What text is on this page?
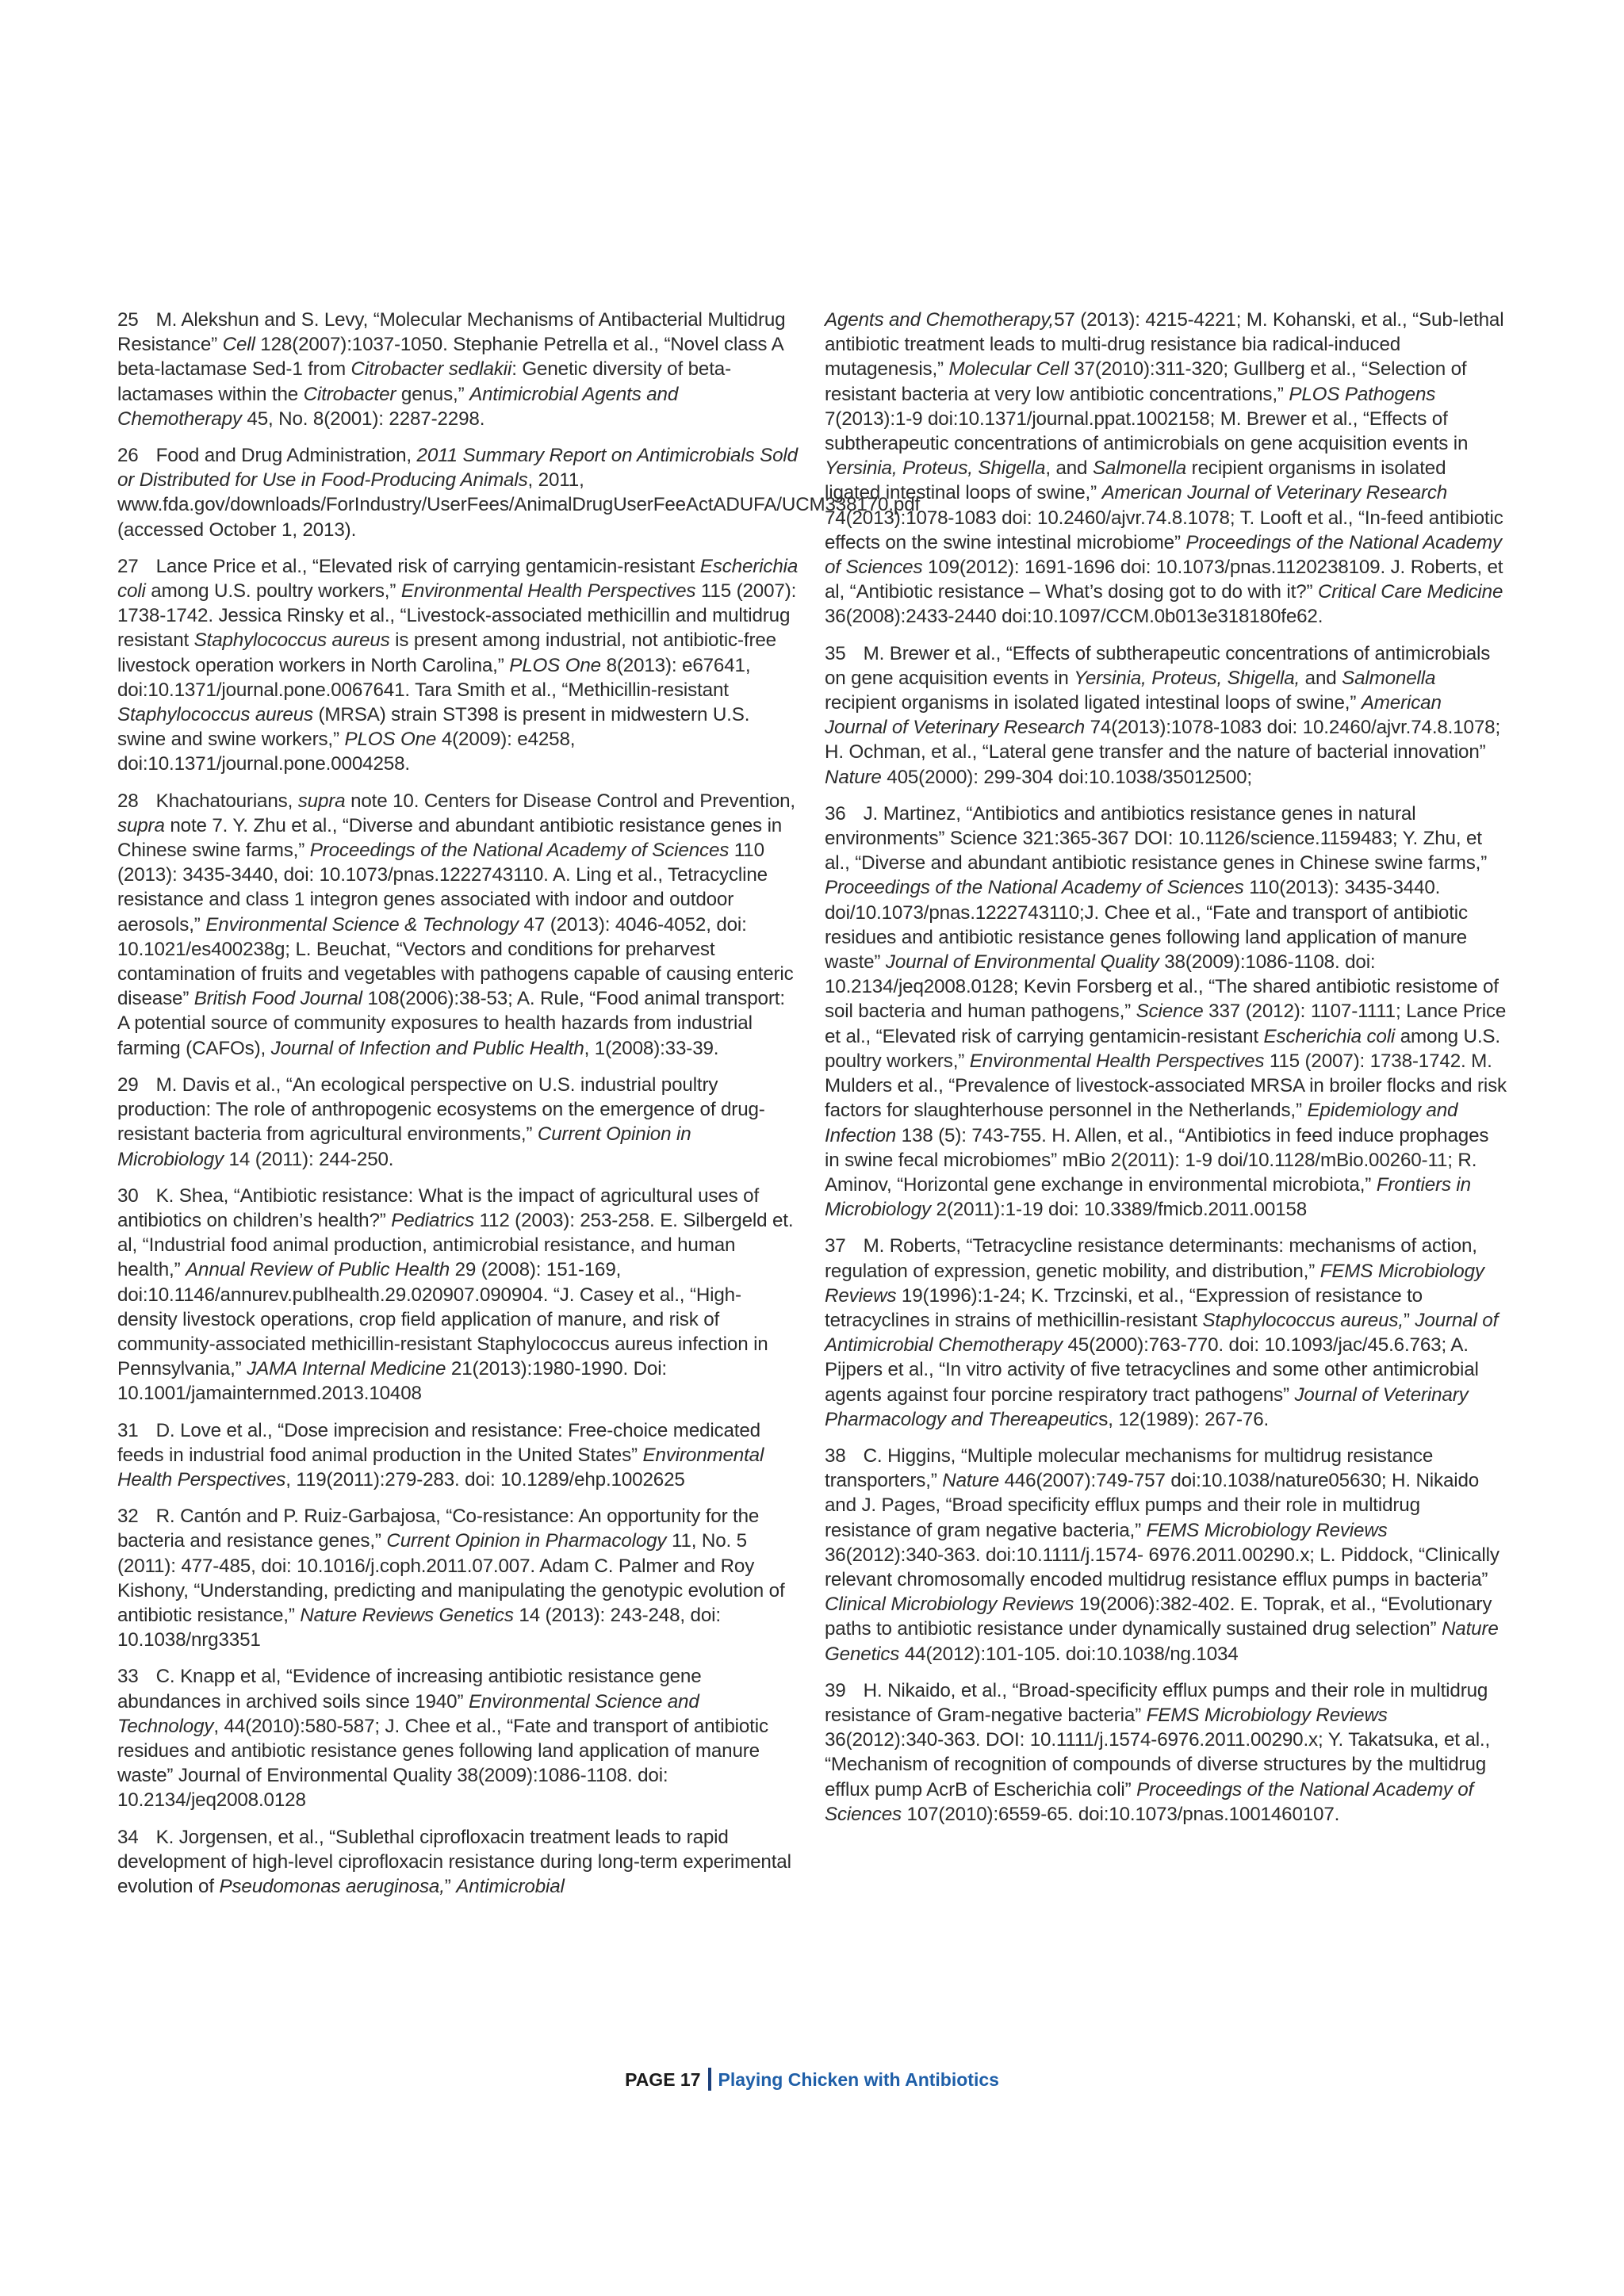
25 M. Alekshun and S. Levy, “Molecular Mechanisms of Antibacterial Multidrug Resistance” Cell 128(2007):1037-1050. Stephanie Petrella et al., “Novel class A beta-lactamase Sed-1 from Citrobacter sedlakii: Genetic diversity of beta-lactamases within the Citrobacter genus,” Antimicrobial Agents and Chemotherapy 45, No. 8(2001): 2287-2298.

26 Food and Drug Administration, 2011 Summary Report on Antimicrobials Sold or Distributed for Use in Food-Producing Animals, 2011, www.fda.gov/downloads/ForIndustry/UserFees/AnimalDrugUserFeeActADUFA/UCM338170.pdf (accessed October 1, 2013).

27 Lance Price et al., “Elevated risk of carrying gentamicin-resistant Escherichia coli among U.S. poultry workers,” Environmental Health Perspectives 115 (2007): 1738-1742. Jessica Rinsky et al., “Livestock-associated methicillin and multidrug resistant Staphylococcus aureus is present among industrial, not antibiotic-free livestock operation workers in North Carolina,” PLOS One 8(2013): e67641, doi:10.1371/journal.pone.0067641. Tara Smith et al., “Methicillin-resistant Staphylococcus aureus (MRSA) strain ST398 is present in midwestern U.S. swine and swine workers,” PLOS One 4(2009): e4258, doi:10.1371/journal.pone.0004258.

28 Khachatourians, supra note 10. Centers for Disease Control and Prevention, supra note 7. Y. Zhu et al., “Diverse and abundant antibiotic resistance genes in Chinese swine farms,” Proceedings of the National Academy of Sciences 110 (2013): 3435-3440, doi: 10.1073/pnas.1222743110. A. Ling et al., Tetracycline resistance and class 1 integron genes associated with indoor and outdoor aerosols,” Environmental Science & Technology 47 (2013): 4046-4052, doi: 10.1021/es400238g; L. Beuchat, “Vectors and conditions for preharvest contamination of fruits and vegetables with pathogens capable of causing enteric disease” British Food Journal 108(2006):38-53; A. Rule, “Food animal transport: A potential source of community exposures to health hazards from industrial farming (CAFOs), Journal of Infection and Public Health, 1(2008):33-39.

29 M. Davis et al., “An ecological perspective on U.S. industrial poultry production: The role of anthropogenic ecosystems on the emergence of drug-resistant bacteria from agricultural environments,” Current Opinion in Microbiology 14 (2011): 244-250.

30 K. Shea, “Antibiotic resistance: What is the impact of agricultural uses of antibiotics on children’s health?” Pediatrics 112 (2003): 253-258. E. Silbergeld et. al, “Industrial food animal production, antimicrobial resistance, and human health,” Annual Review of Public Health 29 (2008): 151-169, doi:10.1146/annurev.publhealth.29.020907.090904. “J. Casey et al., “High-density livestock operations, crop field application of manure, and risk of community-associated methicillin-resistant Staphylococcus aureus infection in Pennsylvania,” JAMA Internal Medicine 21(2013):1980-1990. Doi: 10.1001/jamainternmed.2013.10408

31 D. Love et al., “Dose imprecision and resistance: Free-choice medicated feeds in industrial food animal production in the United States” Environmental Health Perspectives, 119(2011):279-283. doi: 10.1289/ehp.1002625

32 R. Cantón and P. Ruiz-Garbajosa, “Co-resistance: An opportunity for the bacteria and resistance genes,” Current Opinion in Pharmacology 11, No. 5 (2011): 477-485, doi: 10.1016/j.coph.2011.07.007. Adam C. Palmer and Roy Kishony, “Understanding, predicting and manipulating the genotypic evolution of antibiotic resistance,” Nature Reviews Genetics 14 (2013): 243-248, doi: 10.1038/nrg3351

33 C. Knapp et al, “Evidence of increasing antibiotic resistance gene abundances in archived soils since 1940” Environmental Science and Technology, 44(2010):580-587; J. Chee et al., “Fate and transport of antibiotic residues and antibiotic resistance genes following land application of manure waste” Journal of Environmental Quality 38(2009):1086-1108. doi: 10.2134/jeq2008.0128

34 K. Jorgensen, et al., “Sublethal ciprofloxacin treatment leads to rapid development of high-level ciprofloxacin resistance during long-term experimental evolution of Pseudomonas aeruginosa,” Antimicrobial

Agents and Chemotherapy,57 (2013): 4215-4221; M. Kohanski, et al., “Sub-lethal antibiotic treatment leads to multi-drug resistance bia radical-induced mutagenesis,” Molecular Cell 37(2010):311-320; Gullberg et al., “Selection of resistant bacteria at very low antibiotic concentrations,” PLOS Pathogens 7(2013):1-9 doi:10.1371/journal.ppat.1002158; M. Brewer et al., “Effects of subtherapeutic concentrations of antimicrobials on gene acquisition events in Yersinia, Proteus, Shigella, and Salmonella recipient organisms in isolated ligated intestinal loops of swine,” American Journal of Veterinary Research 74(2013):1078-1083 doi: 10.2460/ajvr.74.8.1078; T. Looft et al., “In-feed antibiotic effects on the swine intestinal microbiome” Proceedings of the National Academy of Sciences 109(2012): 1691-1696 doi: 10.1073/pnas.1120238109. J. Roberts, et al, “Antibiotic resistance – What’s dosing got to do with it?” Critical Care Medicine 36(2008):2433-2440 doi:10.1097/CCM.0b013e318180fe62.

35 M. Brewer et al., “Effects of subtherapeutic concentrations of antimicrobials on gene acquisition events in Yersinia, Proteus, Shigella, and Salmonella recipient organisms in isolated ligated intestinal loops of swine,” American Journal of Veterinary Research 74(2013):1078-1083 doi: 10.2460/ajvr.74.8.1078; H. Ochman, et al., “Lateral gene transfer and the nature of bacterial innovation” Nature 405(2000): 299-304 doi:10.1038/35012500;

36 J. Martinez, “Antibiotics and antibiotics resistance genes in natural environments” Science 321:365-367 DOI: 10.1126/science.1159483; Y. Zhu, et al., “Diverse and abundant antibiotic resistance genes in Chinese swine farms,” Proceedings of the National Academy of Sciences 110(2013): 3435-3440. doi/10.1073/pnas.1222743110;J. Chee et al., “Fate and transport of antibiotic residues and antibiotic resistance genes following land application of manure waste” Journal of Environmental Quality 38(2009):1086-1108. doi: 10.2134/jeq2008.0128; Kevin Forsberg et al., “The shared antibiotic resistome of soil bacteria and human pathogens,” Science 337 (2012): 1107-1111; Lance Price et al., “Elevated risk of carrying gentamicin-resistant Escherichia coli among U.S. poultry workers,” Environmental Health Perspectives 115 (2007): 1738-1742. M. Mulders et al., “Prevalence of livestock-associated MRSA in broiler flocks and risk factors for slaughterhouse personnel in the Netherlands,” Epidemiology and Infection 138 (5): 743-755. H. Allen, et al., “Antibiotics in feed induce prophages in swine fecal microbiomes” mBio 2(2011): 1-9 doi/10.1128/mBio.00260-11; R. Aminov, “Horizontal gene exchange in environmental microbiota,” Frontiers in Microbiology 2(2011):1-19 doi: 10.3389/fmicb.2011.00158

37 M. Roberts, “Tetracycline resistance determinants: mechanisms of action, regulation of expression, genetic mobility, and distribution,” FEMS Microbiology Reviews 19(1996):1-24; K. Trzcinski, et al., “Expression of resistance to tetracyclines in strains of methicillin-resistant Staphylococcus aureus,” Journal of Antimicrobial Chemotherapy 45(2000):763-770. doi: 10.1093/jac/45.6.763; A. Pijpers et al., “In vitro activity of five tetracyclines and some other antimicrobial agents against four porcine respiratory tract pathogens” Journal of Veterinary Pharmacology and Thereapeutics, 12(1989): 267-76.

38 C. Higgins, “Multiple molecular mechanisms for multidrug resistance transporters,” Nature 446(2007):749-757 doi:10.1038/nature05630; H. Nikaido and J. Pages, “Broad specificity efflux pumps and their role in multidrug resistance of gram negative bacteria,” FEMS Microbiology Reviews 36(2012):340-363. doi:10.1111/j.1574- 6976.2011.00290.x; L. Piddock, “Clinically relevant chromosomally encoded multidrug resistance efflux pumps in bacteria” Clinical Microbiology Reviews 19(2006):382-402. E. Toprak, et al., “Evolutionary paths to antibiotic resistance under dynamically sustained drug selection” Nature Genetics 44(2012):101-105. doi:10.1038/ng.1034

39 H. Nikaido, et al., “Broad-specificity efflux pumps and their role in multidrug resistance of Gram-negative bacteria” FEMS Microbiology Reviews 36(2012):340-363. DOI: 10.1111/j.1574-6976.2011.00290.x; Y. Takatsuka, et al., “Mechanism of recognition of compounds of diverse structures by the multidrug efflux pump AcrB of Escherichia coli” Proceedings of the National Academy of Sciences 107(2010):6559-65. doi:10.1073/pnas.1001460107.

PAGE 17 Playing Chicken with Antibiotics
